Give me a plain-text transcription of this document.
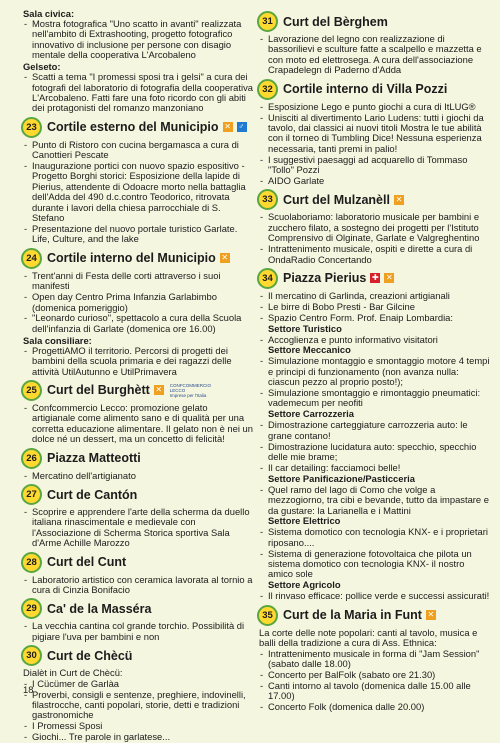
Sala civica:
- Mostra fotografica "Uno scatto in avanti" realizzata nell'ambito di Extrashooting, progetto fotografico innovativo di inclusione per persone con disagio mentale della cooperativa L'Arcobaleno
Gelseto:
- Scatti a tema "I promessi sposi tra i gelsi" a cura dei fotografi del laboratorio di fotografia della cooperativa L'Arcobaleno. Fatti fare una foto ricordo con gli abiti dei protagonisti del romanzo manzoniano
23 Cortile esterno del Municipio ✕ ♂
- Punto di Ristoro con cucina bergamasca a cura di Canottieri Pescate
- Inaugurazione portici con nuovo spazio espositivo - Progetto Borghi storici: Esposizione della lapide di Pierius, attendente di Odoacre morto nella battaglia dell'Adda del 490 d.c.contro Teodorico, ritrovata durante i lavori della chiesa parrocchiale di S. Stefano
- Presentazione del nuovo portale turistico Garlate. Life, Culture, and the lake
24 Cortile interno del Municipio ✕
- Trent'anni di Festa delle corti attraverso i suoi manifesti
- Open day Centro Prima Infanzia Garlabimbo (domenica pomeriggio)
- "Leonardo curioso", spettacolo a cura della Scuola dell'infanzia di Garlate (domenica ore 16.00)
Sala consiliare:
- ProgettiAMO il territorio. Percorsi di progetti dei bambini della scuola primaria e dei ragazzi delle attività UtilAutunno e UtilPrimavera
25 Curt del Burghètt ✕	CONFCOMMERCIO
LECCO
Imprese per l'Italia
- Confcommercio Lecco: promozione gelato artigianale come alimento sano e di qualità per una corretta educazione alimentare. Il gelato non è nei un dolce né un dessert, ma un concetto di felicità!
26 Piazza Matteotti
- Mercatino dell'artigianato
27 Curt de Cantón
- Scoprire e apprendere l'arte della scherma da duello italiana rinascimentale e medievale con l'Associazione di Scherma Storica sportiva Sala d'Arme Achille Marozzo
28 Curt del Cunt
- Laboratorio artistico con ceramica lavorata al tornio a cura di Cinzia Bonifacio
29 Ca' de la Masséra
- La vecchia cantina col grande torchio. Possibilità di pigiare l'uva per bambini e non
30 Curt de Chècü

Dialèt in Curt de Chècü:

- I Cücümer de Garlàa
- Proverbi, consigli e sentenze, preghiere, indovinelli, filastrocche, canti popolari, storie, detti e tradizioni gastronomiche
- I Promessi Sposi
- Giochi... Tre parole in garlatese...
31 Curt del Bèrghem
- Lavorazione del legno con realizzazione di bassorilievi e sculture fatte a scalpello e mazzetta e con moto ed elettrosega. A cura dell'associazione Crapadelegn di Paderno d'Adda
32 Cortile interno di Villa Pozzi
- Esposizione Lego e punto giochi a cura di ItLUG®
- Unisciti al divertimento Lario Ludens: tutti i giochi da tavolo, dai classici ai nuovi titoli Mostra le tue abilità con il torneo di Tumbling Dice! Nessuna esperienza necessaria, tanti premi in palio!
- I suggestivi paesaggi ad acquarello di Tommaso "Tollo" Pozzi
- AIDO Garlate
33 Curt del Mulzanèll ✕
- Scuolaboriamo: laboratorio musicale per bambini e zucchero filato, a sostegno dei progetti per l'Istituto Comprensivo di Olginate, Garlate e Valgreghentino
- Intrattenimento musicale, ospiti e dirette a cura di OndaRadio Concertando
34 Piazza Pierius ✚ ✕
- Il mercatino di Garlinda, creazioni artigianali
- Le birre di Bobo Presti - Bar Gilcine
- Spazio Centro Form. Prof. Enaip Lombardia:
Settore Turistico
- Accoglienza e punto informativo visitatori
Settore Meccanico
- Simulazione montaggio e smontaggio motore 4 tempi e principi di funzionamento (non avanza nulla: ciascun pezzo al proprio posto!);
- Simulazione smontaggio e rimontaggio pneumatici: vademecum per neofiti
Settore Carrozzeria
- Dimostrazione carteggiature carrozzeria auto: le grane contano!
- Dimostrazione lucidatura auto: specchio, specchio delle mie brame;
- Il car detailing: facciamoci belle!
Settore Panificazione/Pasticceria
- Quel ramo del lago di Como che volge a mezzogiorno, tra cibi e bevande, tutto da impastare e da gustare: la Larianella e i Mattini
Settore Elettrico
- Sistema domotico con tecnologia KNX- e i proprietari riposano....
- Sistema di generazione fotovoltaica che pilota un sistema domotico con tecnologia KNX- il nostro amico sole
Settore Agricolo
- Il rinvaso efficace: pollice verde e successi assicurati!
35 Curt de la Maria in Funt ✕

La corte delle note popolari: canti al tavolo, musica e balli della tradizione a cura di Ass. Ethnica:

- Intrattenimento musicale in forma di "Jam Session" (sabato dalle 18.00)
- Concerto per BalFolk (sabato ore 21.30)
- Canti intorno al tavolo (domenica dalle 15.00 alle 17.00)
- Concerto Folk (domenica dalle 20.00)
18
